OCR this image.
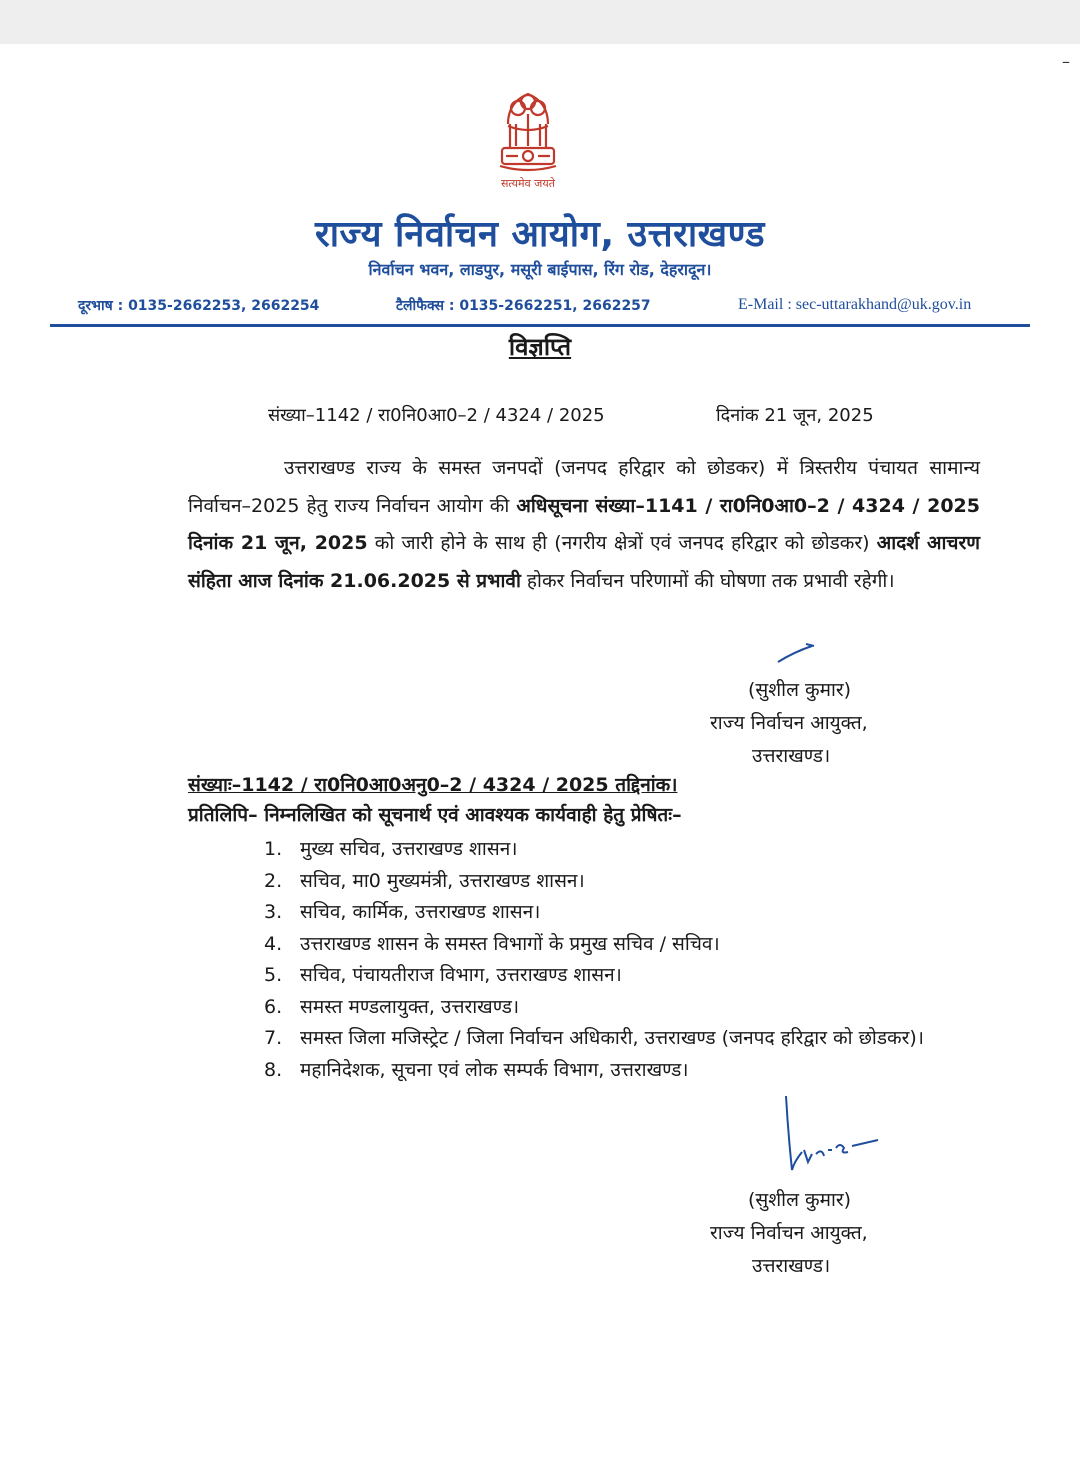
–
सत्यमेव जयते
राज्य निर्वाचन आयोग, उत्तराखण्ड
निर्वाचन भवन, लाडपुर, मसूरी बाईपास, रिंग रोड, देहरादून।
दूरभाष : 0135-2662253, 2662254	टैलीफैक्स : 0135-2662251, 2662257	E-Mail : sec-uttarakhand@uk.gov.in
विज्ञप्ति
संख्या–1142 / रा0नि0आ0–2 / 4324 / 2025	दिनांक 21 जून, 2025
उत्तराखण्ड राज्य के समस्त जनपदों (जनपद हरिद्वार को छोडकर) में त्रिस्तरीय पंचायत सामान्य निर्वाचन–2025 हेतु राज्य निर्वाचन आयोग की अधिसूचना संख्या–1141 / रा0नि0आ0–2 / 4324 / 2025 दिनांक 21 जून, 2025 को जारी होने के साथ ही (नगरीय क्षेत्रों एवं जनपद हरिद्वार को छोडकर) आदर्श आचरण संहिता आज दिनांक 21.06.2025 से प्रभावी होकर निर्वाचन परिणामों की घोषणा तक प्रभावी रहेगी।
(सुशील कुमार)
राज्य निर्वाचन आयुक्त,
उत्तराखण्ड।
संख्याः–1142 / रा0नि0आ0अनु0–2 / 4324 / 2025 तद्दिनांक।
प्रतिलिपि– निम्नलिखित को सूचनार्थ एवं आवश्यक कार्यवाही हेतु प्रेषितः–
1. मुख्य सचिव, उत्तराखण्ड शासन।
2. सचिव, मा0 मुख्यमंत्री, उत्तराखण्ड शासन।
3. सचिव, कार्मिक, उत्तराखण्ड शासन।
4. उत्तराखण्ड शासन के समस्त विभागों के प्रमुख सचिव / सचिव।
5. सचिव, पंचायतीराज विभाग, उत्तराखण्ड शासन।
6. समस्त मण्डलायुक्त, उत्तराखण्ड।
7. समस्त जिला मजिस्ट्रेट / जिला निर्वाचन अधिकारी, उत्तराखण्ड (जनपद हरिद्वार को छोडकर)।
8. महानिदेशक, सूचना एवं लोक सम्पर्क विभाग, उत्तराखण्ड।
(सुशील कुमार)
राज्य निर्वाचन आयुक्त,
उत्तराखण्ड।
